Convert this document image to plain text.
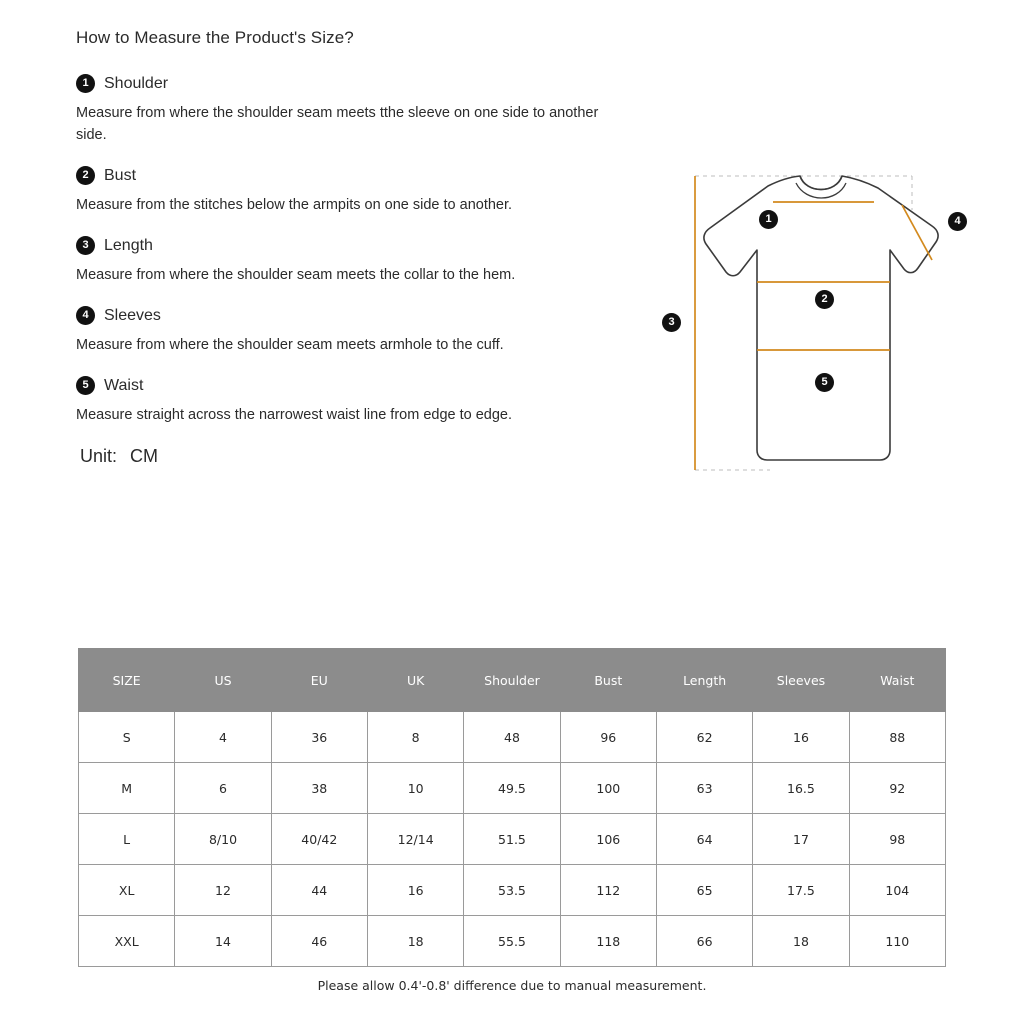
How to Measure the Product's Size?
1 Shoulder

Measure from where the shoulder seam meets tthe sleeve on one side to another side.

2 Bust

Measure from the stitches below the armpits on one side to another.

3 Length

Measure from where the shoulder seam meets the collar to the hem.

4 Sleeves

Measure from where the shoulder seam meets armhole to the cuff.

5 Waist

Measure straight across the narrowest waist line from edge to edge.

Unit: CM
1
2
3
4
5
SIZE	US	EU	UK	Shoulder	Bust	Length	Sleeves	Waist
S	4	36	8	48	96	62	16	88
M	6	38	10	49.5	100	63	16.5	92
L	8/10	40/42	12/14	51.5	106	64	17	98
XL	12	44	16	53.5	112	65	17.5	104
XXL	14	46	18	55.5	118	66	18	110
Please allow 0.4'-0.8' difference due to manual measurement.
